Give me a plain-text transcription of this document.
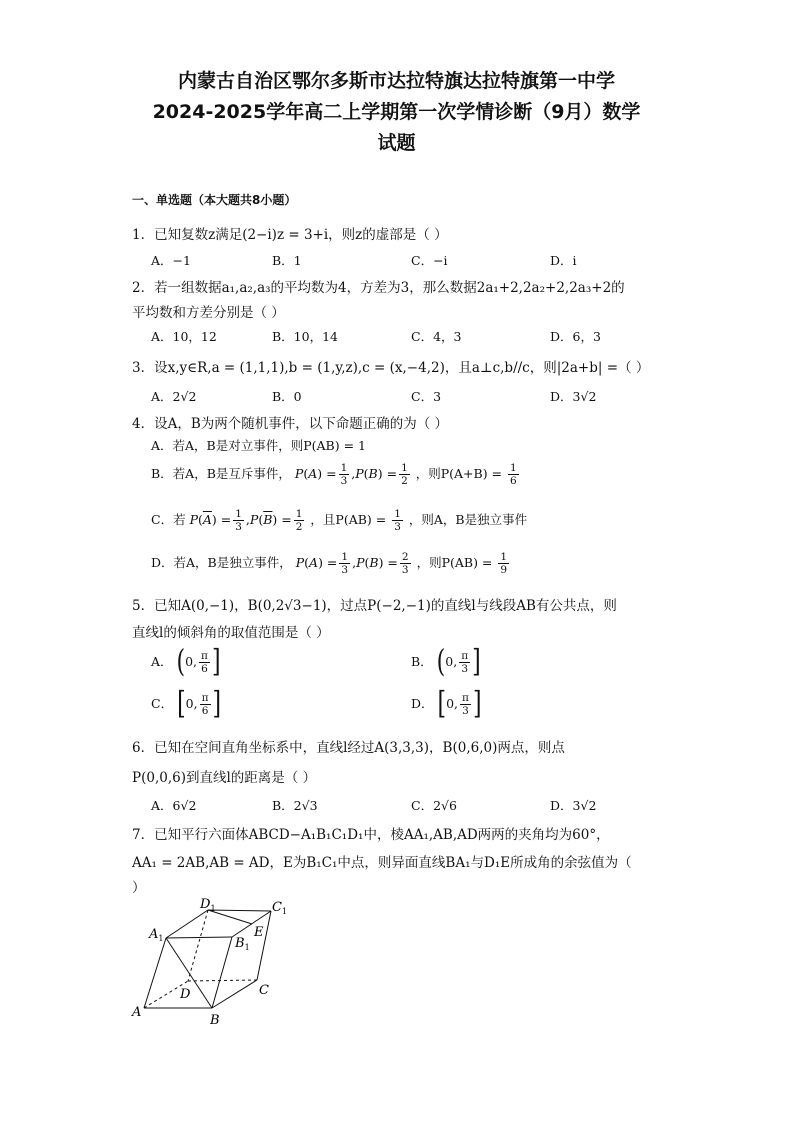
内蒙古自治区鄂尔多斯市达拉特旗达拉特旗第一中学
2024-2025学年高二上学期第一次学情诊断（9月）数学
试题
一、单选题（本大题共8小题）
1．已知复数z满足(2−i)z = 3+i，则z的虚部是（ ）
A．−1	B．1	C．−i	D．i
2．若一组数据a₁,a₂,a₃的平均数为4，方差为3，那么数据2a₁+2,2a₂+2,2a₃+2的
平均数和方差分别是（ ）
A．10，12	B．10，14	C．4，3	D．6，3
3．设x,y∈R,a = (1,1,1),b = (1,y,z),c = (x,−4,2)，且a⊥c,b//c，则|2a+b| =（ ）
A．2√2	B．0	C．3	D．3√2
4．设A，B为两个随机事件，以下命题正确的为（ ）
A．若A，B是对立事件，则P(AB) = 1
B．若A，B是互斥事件， $P(A) = \frac{1}{3} ,P(B) = \frac{1}{2}$ ，则$P(A+B) = \frac{1}{6}$
C．若 $P(\overline{A}) = \frac{1}{3} ,P(\overline{B}) = \frac{1}{2}$ ，且$P(AB) = \frac{1}{3}$ ，则A，B是独立事件
D．若A，B是独立事件， $P(A) = \frac{1}{3} ,P(B) = \frac{2}{3}$ ，则$P(AB) = \frac{1}{9}$
5．已知A(0,−1)，B(0,2√3−1)，过点P(−2,−1)的直线l与线段AB有公共点，则
直线l的倾斜角的取值范围是（ ）
A． (0, $\frac{\pi}{6}$ ]	B． (0, $\frac{\pi}{3}$ ]
C． [0, $\frac{\pi}{6}$ ]	D． [0, $\frac{\pi}{3}$ ]
6．已知在空间直角坐标系中，直线l经过A(3,3,3)，B(0,6,0)两点，则点
P(0,0,6)到直线l的距离是（ ）
A．6√2	B．2√3	C．2√6	D．3√2
7．已知平行六面体ABCD−A₁B₁C₁D₁中，棱AA₁,AB,AD两两的夹角均为60°，
AA₁ = 2AB,AB = AD，E为B₁C₁中点，则异面直线BA₁与D₁E所成角的余弦值为（
）
A
B
C
D
$A_1$	$B_1$
$C_1$
$D_1$
E
